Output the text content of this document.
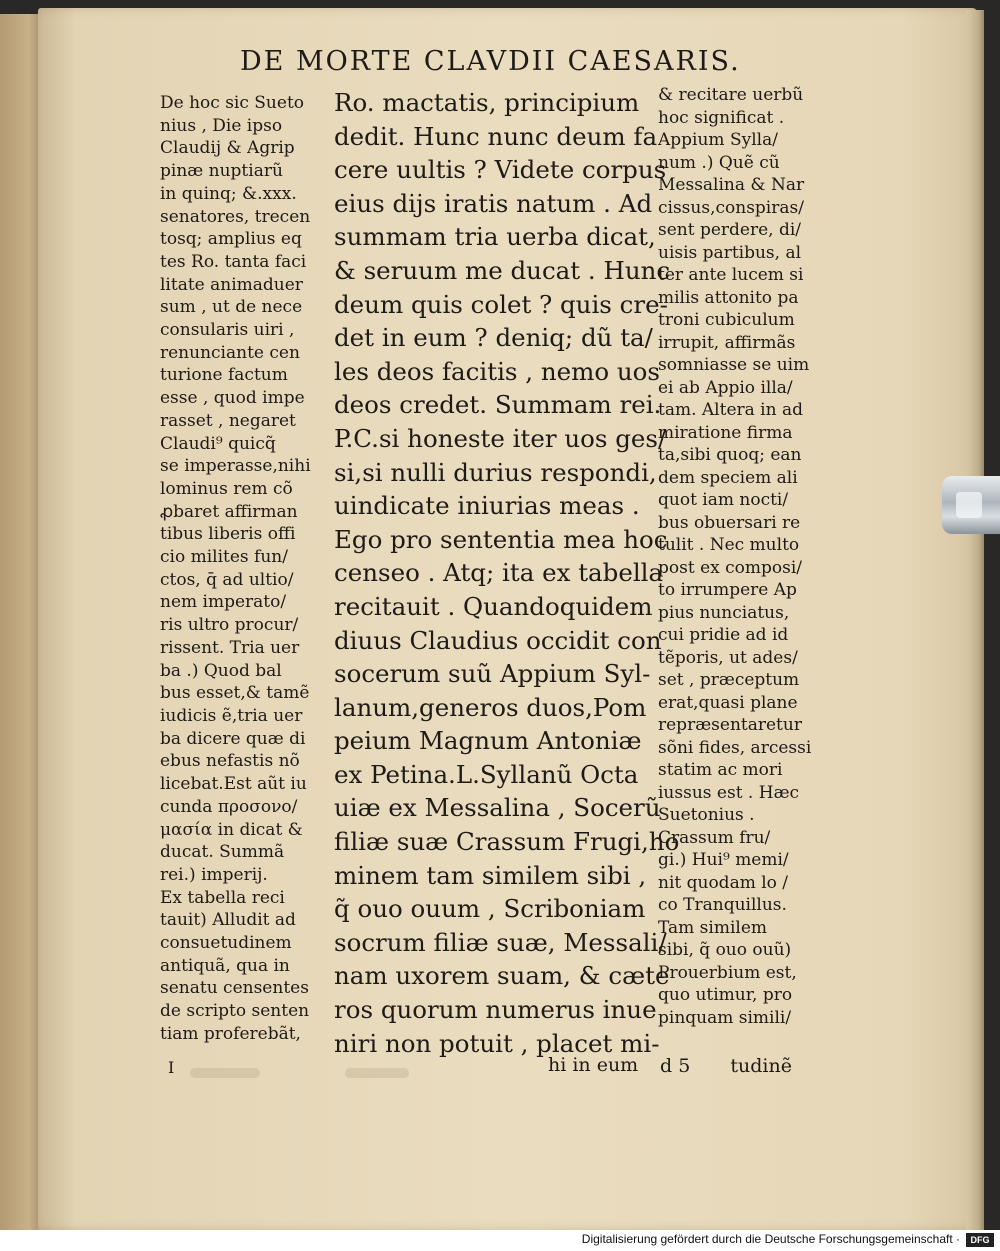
DE MORTE CLAVDII CAESARIS.
De hoc sic Sueto
nius , Die ipso
Claudij & Agrip
pinæ nuptiarũ
in quinq; &.xxx.
senatores, trecen
tosq; amplius eq
tes Ro. tanta faci
litate animaduer
sum , ut de nece
consularis uiri ,
renunciante cen
turione factum
esse , quod impe
rasset , negaret
Claudi⁹ quicq̃
se imperasse,nihi
lominus rem cõ
ꝓbaret affirman
tibus liberis offi
cio milites fun/
ctos, q̄ ad ultio/
nem imperato/
ris ultro procur/
rissent. Tria uer
ba .) Quod bal
bus esset,& tamẽ
iudicis ẽ,tria uer
ba dicere quæ di
ebus nefastis nõ
licebat.Est aũt iu
cunda προσονο/
μασία in dicat &
ducat. Summã
rei.) imperij.
Ex tabella reci
tauit) Alludit ad
consuetudinem
antiquã, qua in
senatu censentes
de scripto senten
tiam proferebãt,
Ro. mactatis, principium
dedit. Hunc nunc deum fa
cere uultis ? Videte corpus
eius dijs iratis natum . Ad
summam tria uerba dicat,
& seruum me ducat . Hunc
deum quis colet ? quis cre-
det in eum ? deniq; dũ ta/
les deos facitis , nemo uos
deos credet. Summam rei.
P.C.si honeste iter uos ges/
si,si nulli durius respondi,
uindicate iniurias meas .
Ego pro sententia mea hoc
censeo . Atq; ita ex tabella
recitauit . Quandoquidem
diuus Claudius occidit con
socerum suũ Appium Syl-
lanum,generos duos,Pom
peium Magnum Antoniæ
ex Petina.L.Syllanũ Octa
uiæ ex Messalina , Socerũ
filiæ suæ Crassum Frugi,ho
minem tam similem sibi ,
q̃ ouo ouum , Scriboniam
socrum filiæ suæ, Messali/
nam uxorem suam, & cæte
ros quorum numerus inue
niri non potuit , placet mi-
& recitare uerbũ
hoc significat .
Appium Sylla/
num .) Quẽ cũ
Messalina & Nar
cissus,conspiras/
sent perdere, di/
uisis partibus, al
ter ante lucem si
milis attonito pa
troni cubiculum
irrupit, affirmãs
somniasse se uim
ei ab Appio illa/
tam. Altera in ad
miratione firma
ta,sibi quoq; ean
dem speciem ali
quot iam nocti/
bus obuersari re
tulit . Nec multo
post ex composi/
to irrumpere Ap
pius nunciatus,
cui pridie ad id
tẽporis, ut ades/
set , præceptum
erat,quasi plane
repræsentaretur
sõni fides, arcessi
statim ac mori
iussus est . Hæc
Suetonius .
Crassum fru/
gi.) Hui⁹ memi/
nit quodam lo /
co Tranquillus.
Tam similem
sibi, q̃ ouo ouũ)
Prouerbium est,
quo utimur, pro
pinquam simili/
I	hi in eum d 5 tudinẽ
Digitalisierung gefördert durch die Deutsche Forschungsgemeinschaft ·	DFG
